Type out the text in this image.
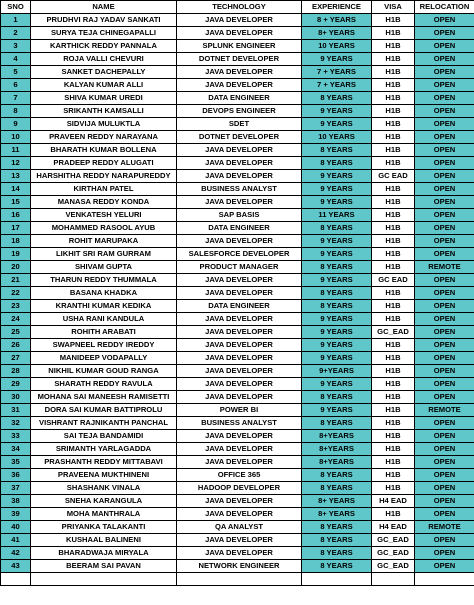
SNO	NAME	TECHNOLOGY	EXPERIENCE	VISA	RELOCATION
1	PRUDHVI RAJ YADAV SANKATI	JAVA DEVELOPER	8 + YEARS	H1B	OPEN
2	SURYA TEJA CHINEGAPALLI	JAVA DEVELOPER	8+ YEARS	H1B	OPEN
3	KARTHICK REDDY PANNALA	SPLUNK ENGINEER	10 YEARS	H1B	OPEN
4	ROJA VALLI CHEVURI	DOTNET DEVELOPER	9 YEARS	H1B	OPEN
5	SANKET DACHEPALLY	JAVA DEVELOPER	7 + YEARS	H1B	OPEN
6	KALYAN KUMAR ALLI	JAVA DEVELOPER	7 + YEARS	H1B	OPEN
7	SHIVA KUMAR UREDI	DATA ENGINEER	8 YEARS	H1B	OPEN
8	SRIKANTH KAMSALLI	DEVOPS ENGINEER	9 YEARS	H1B	OPEN
9	SIDVIJA MULUKTLA	SDET	9 YEARS	H1B	OPEN
10	PRAVEEN REDDY NARAYANA	DOTNET DEVELOPER	10 YEARS	H1B	OPEN
11	BHARATH KUMAR BOLLENA	JAVA DEVELOPER	8 YEARS	H1B	OPEN
12	PRADEEP REDDY ALUGATI	JAVA DEVELOPER	8 YEARS	H1B	OPEN
13	HARSHITHA REDDY NARAPUREDDY	JAVA DEVELOPER	9 YEARS	GC EAD	OPEN
14	KIRTHAN PATEL	BUSINESS ANALYST	9 YEARS	H1B	OPEN
15	MANASA REDDY KONDA	JAVA DEVELOPER	9 YEARS	H1B	OPEN
16	VENKATESH YELURI	SAP BASIS	11 YEARS	H1B	OPEN
17	MOHAMMED RASOOL AYUB	DATA ENGINEER	8 YEARS	H1B	OPEN
18	ROHIT MARUPAKA	JAVA DEVELOPER	9 YEARS	H1B	OPEN
19	LIKHIT SRI RAM GURRAM	SALESFORCE DEVELOPER	9 YEARS	H1B	OPEN
20	SHIVAM GUPTA	PRODUCT MANAGER	8 YEARS	H1B	REMOTE
21	THARUN REDDY THUMMALA	JAVA DEVELOPER	9 YEARS	GC EAD	OPEN
22	BASANA KHADKA	JAVA DEVELOPER	8 YEARS	H1B	OPEN
23	KRANTHI KUMAR KEDIKA	DATA ENGINEER	8 YEARS	H1B	OPEN
24	USHA RANI KANDULA	JAVA DEVELOPER	9 YEARS	H1B	OPEN
25	ROHITH ARABATI	JAVA DEVELOPER	9 YEARS	GC_EAD	OPEN
26	SWAPNEEL REDDY IREDDY	JAVA DEVELOPER	9 YEARS	H1B	OPEN
27	MANIDEEP VODAPALLY	JAVA DEVELOPER	9 YEARS	H1B	OPEN
28	NIKHIL KUMAR GOUD RANGA	JAVA DEVELOPER	9+YEARS	H1B	OPEN
29	SHARATH REDDY RAVULA	JAVA DEVELOPER	9 YEARS	H1B	OPEN
30	MOHANA SAI MANEESH RAMISETTI	JAVA DEVELOPER	8 YEARS	H1B	OPEN
31	DORA SAI KUMAR BATTIPROLU	POWER BI	9 YEARS	H1B	REMOTE
32	VISHRANT RAJNIKANTH PANCHAL	BUSINESS ANALYST	8 YEARS	H1B	OPEN
33	SAI TEJA BANDAMIDI	JAVA DEVELOPER	8+YEARS	H1B	OPEN
34	SRIMANTH YARLAGADDA	JAVA DEVELOPER	8+YEARS	H1B	OPEN
35	PRASHANTH REDDY MITTABAVI	JAVA DEVELOPER	8+YEARS	H1B	OPEN
36	PRAVEENA MUKTHINENI	OFFICE 365	8 YEARS	H1B	OPEN
37	SHASHANK VINALA	HADOOP DEVELOPER	8 YEARS	H1B	OPEN
38	SNEHA KARANGULA	JAVA DEVELOPER	8+ YEARS	H4 EAD	OPEN
39	MOHA MANTHRALA	JAVA DEVELOPER	8+ YEARS	H1B	OPEN
40	PRIYANKA TALAKANTI	QA ANALYST	8 YEARS	H4 EAD	REMOTE
41	KUSHAAL BALINENI	JAVA DEVELOPER	8 YEARS	GC_EAD	OPEN
42	BHARADWAJA MIRYALA	JAVA DEVELOPER	8 YEARS	GC_EAD	OPEN
43	BEERAM SAI PAVAN	NETWORK ENGINEER	8 YEARS	GC_EAD	OPEN
